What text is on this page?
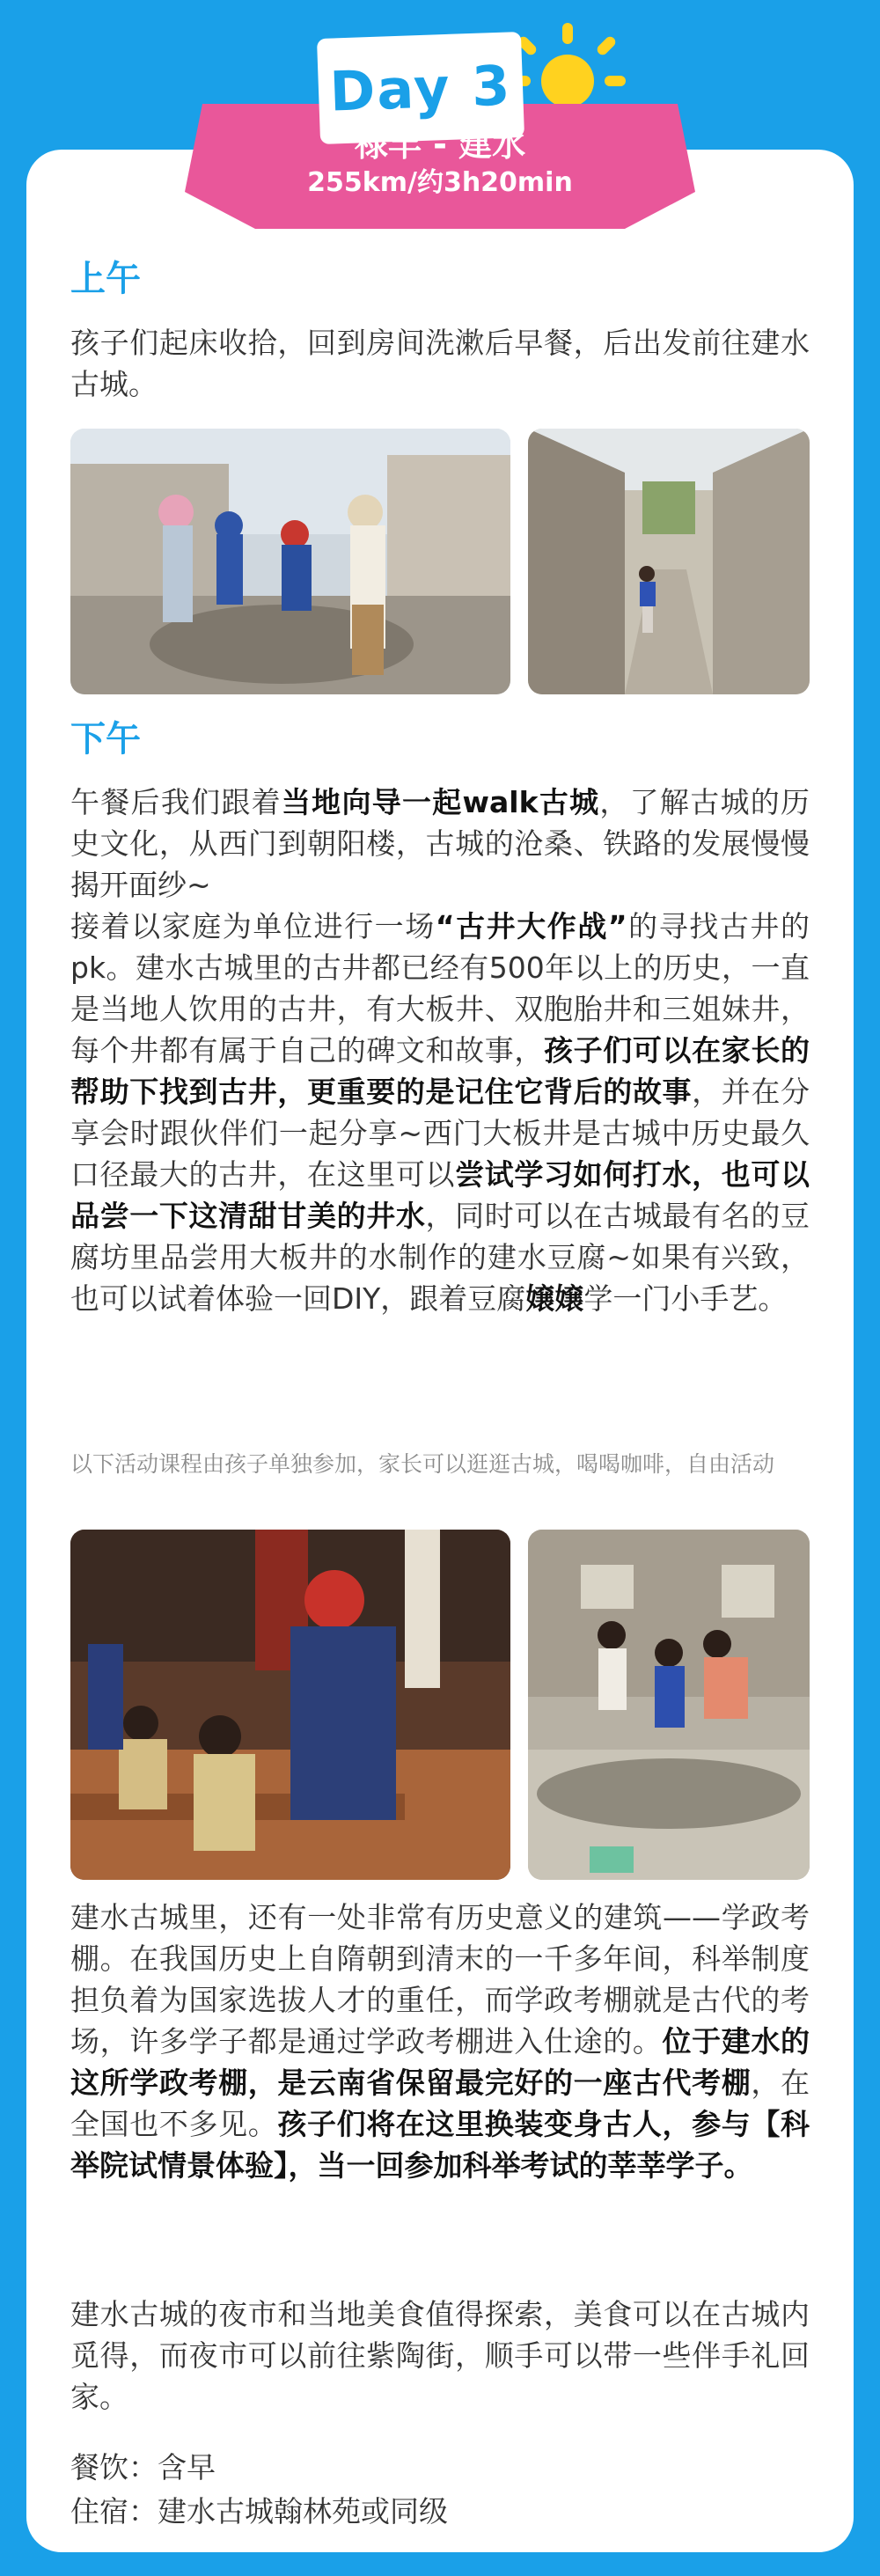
Day 3
禄丰 - 建水
255km/约3h20min
上午

孩子们起床收拾，回到房间洗漱后早餐，后出发前往建水古城。

下午

午餐后我们跟着当地向导一起walk古城，了解古城的历史文化，从西门到朝阳楼，古城的沧桑、铁路的发展慢慢揭开面纱~

接着以家庭为单位进行一场“古井大作战”的寻找古井的pk。建水古城里的古井都已经有500年以上的历史，一直是当地人饮用的古井，有大板井、双胞胎井和三姐妹井，每个井都有属于自己的碑文和故事，孩子们可以在家长的帮助下找到古井，更重要的是记住它背后的故事，并在分享会时跟伙伴们一起分享~西门大板井是古城中历史最久口径最大的古井，在这里可以尝试学习如何打水，也可以品尝一下这清甜甘美的井水，同时可以在古城最有名的豆腐坊里品尝用大板井的水制作的建水豆腐~如果有兴致，也可以试着体验一回DIY，跟着豆腐嬢嬢学一门小手艺。

以下活动课程由孩子单独参加，家长可以逛逛古城，喝喝咖啡，自由活动

建水古城里，还有一处非常有历史意义的建筑——学政考棚。在我国历史上自隋朝到清末的一千多年间，科举制度担负着为国家选拔人才的重任，而学政考棚就是古代的考场，许多学子都是通过学政考棚进入仕途的。位于建水的这所学政考棚，是云南省保留最完好的一座古代考棚，在全国也不多见。孩子们将在这里换装变身古人，参与【科举院试情景体验】，当一回参加科举考试的莘莘学子。

建水古城的夜市和当地美食值得探索，美食可以在古城内觅得，而夜市可以前往紫陶街，顺手可以带一些伴手礼回家。

餐饮：含早
住宿：建水古城翰林苑或同级
